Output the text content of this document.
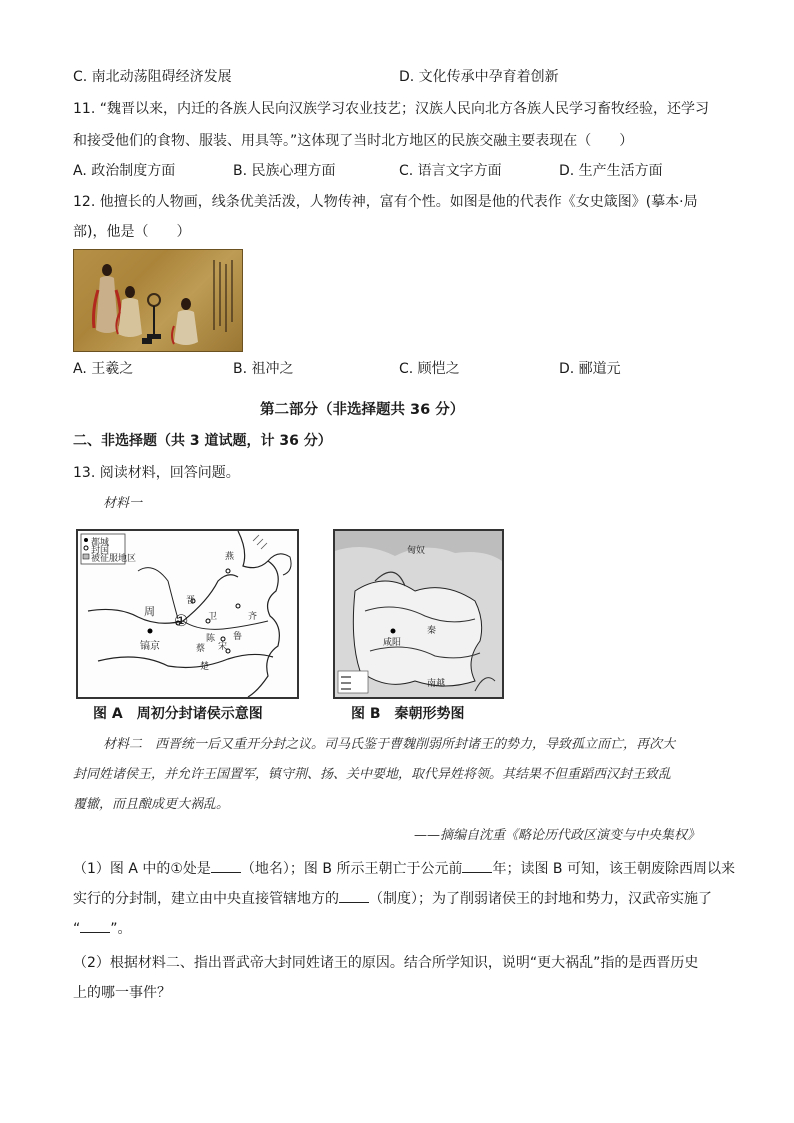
C. 南北动荡阻碍经济发展	D. 文化传承中孕育着创新
11. “魏晋以来，内迁的各族人民向汉族学习农业技艺；汉族人民向北方各族人民学习畜牧经验，还学习
和接受他们的食物、服装、用具等。”这体现了当时北方地区的民族交融主要表现在（　　）
A. 政治制度方面	B. 民族心理方面	C. 语言文字方面	D. 生产生活方面
12. 他擅长的人物画，线条优美活泼，人物传神，富有个性。如图是他的代表作《女史箴图》(摹本·局
部)，他是（　　）
A. 王羲之	B. 祖冲之	C. 顾恺之	D. 郦道元
第二部分（非选择题共 36 分）
二、非选择题（共 3 道试题，计 36 分）
13. 阅读材料，回答问题。
材料一
都城
封国
被征服地区
周
镐京
①	齐
鲁
燕
晋
宋
卫
陈
蔡
楚
图 A　周初分封诸侯示意图
匈奴
咸阳
南越
秦
图 B　秦朝形势图
材料二　西晋统一后又重开分封之议。司马氏鉴于曹魏削弱所封诸王的势力，导致孤立而亡，再次大
封同姓诸侯王，并允许王国置军，镇守荆、扬、关中要地，取代异姓将领。其结果不但重蹈西汉封王致乱
覆辙，而且酿成更大祸乱。
——摘编自沈重《略论历代政区演变与中央集权》
（1）图 A 中的①处是 （地名）；图 B 所示王朝亡于公元前 年；读图 B 可知，该王朝废除西周以来
实行的分封制，建立由中央直接管辖地方的 （制度）；为了削弱诸侯王的封地和势力，汉武帝实施了
“ ”。
（2）根据材料二、指出晋武帝大封同姓诸王的原因。结合所学知识，说明“更大祸乱”指的是西晋历史
上的哪一事件？
